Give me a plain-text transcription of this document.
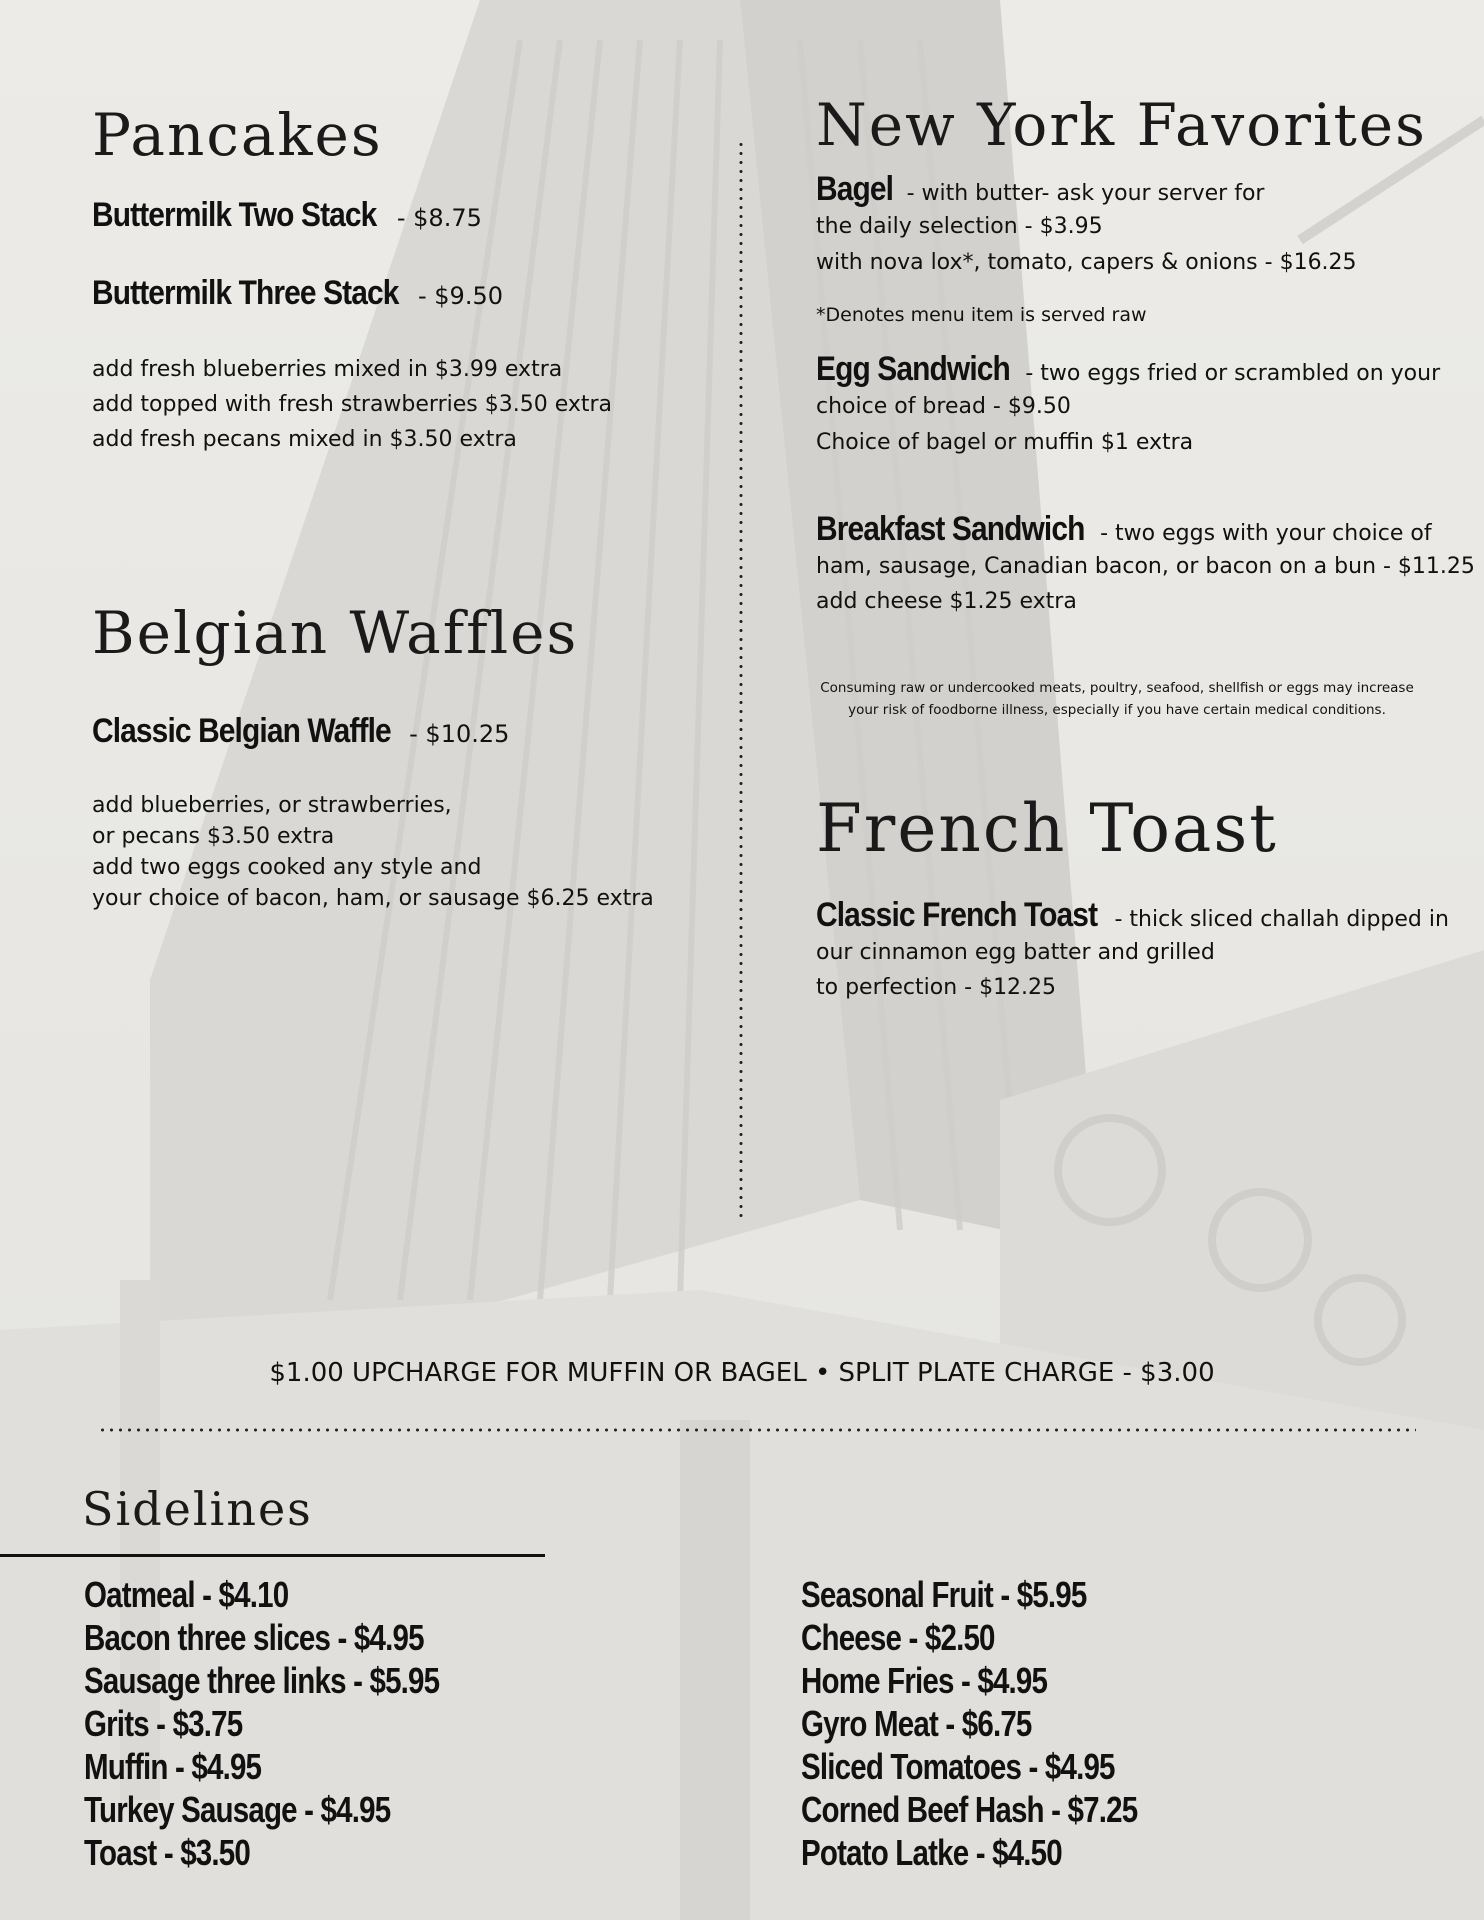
Pancakes
Buttermilk Two Stack - $8.75
Buttermilk Three Stack - $9.50
add fresh blueberries mixed in $3.99 extra
add topped with fresh strawberries $3.50 extra
add fresh pecans mixed in $3.50 extra
Belgian Waffles
Classic Belgian Waffle - $10.25
add blueberries, or strawberries,
or pecans $3.50 extra
add two eggs cooked any style and
your choice of bacon, ham, or sausage $6.25 extra
New York Favorites
Bagel - with butter- ask your server for
the daily selection - $3.95
with nova lox*, tomato, capers & onions - $16.25
*Denotes menu item is served raw
Egg Sandwich - two eggs fried or scrambled on your
choice of bread - $9.50
Choice of bagel or muffin $1 extra
Breakfast Sandwich - two eggs with your choice of
ham, sausage, Canadian bacon, or bacon on a bun - $11.25
add cheese $1.25 extra
Consuming raw or undercooked meats, poultry, seafood, shellfish or eggs may increase
your risk of foodborne illness, especially if you have certain medical conditions.
French Toast
Classic French Toast - thick sliced challah dipped in
our cinnamon egg batter and grilled
to perfection - $12.25
$1.00 UPCHARGE FOR MUFFIN OR BAGEL • SPLIT PLATE CHARGE - $3.00
Sidelines
Oatmeal - $4.10
Bacon three slices - $4.95
Sausage three links - $5.95
Grits - $3.75
Muffin - $4.95
Turkey Sausage - $4.95
Toast - $3.50
Seasonal Fruit - $5.95
Cheese - $2.50
Home Fries - $4.95
Gyro Meat - $6.75
Sliced Tomatoes - $4.95
Corned Beef Hash - $7.25
Potato Latke - $4.50
